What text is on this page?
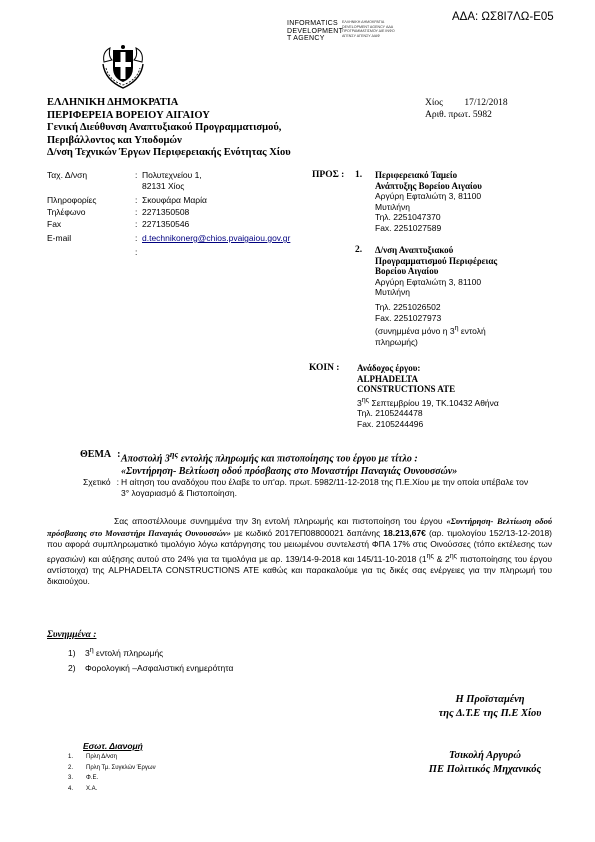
ΑΔΑ: ΩΣ8Ι7ΛΩ-Ε05
INFORMATICS
DEVELOPMENT
T AGENCY
ΕΛΛΗΝΙΚΗ ΔΗΜΟΚΡΑΤΙΑ DEVELOPMENT AGENCY ΑΔΑ ΠΡΟΓΡΑΜΜΑΤΙΣΜΟΥ ΔΙΕ ΙΝΦΟ ΑΓΕΝΣΥ ΑΓΕΝΣΥ ΔΙΑΦ
ΕΛΛΗΝΙΚΗ ΔΗΜΟΚΡΑΤΙΑ
ΠΕΡΙΦΕΡΕΙΑ ΒΟΡΕΙΟΥ ΑΙΓΑΙΟΥ
Γενική Διεύθυνση Αναπτυξιακού Προγραμματισμού,
Περιβάλλοντος και Υποδομών
Δ/νση Τεχνικών Έργων Περιφερειακής Ενότητας Χίου
Χίος 17/12/2018
Αριθ. πρωτ. 5982
Ταχ. Δ/νση	: Πολυτεχνείου 1,
82131 Χίος
Πληροφορίες	: Σκουφάρα Μαρία
Τηλέφωνο	: 2271350508
Fax	: 2271350546
E-mail	: d.technikonerg@chios.pvaigaiou.gov.gr
:
ΠΡΟΣ : 1. Περιφερειακό Ταμείο
Ανάπτυξης Βορείου Αιγαίου
Αργύρη Εφταλιώτη 3, 81100
Μυτιλήνη
Τηλ. 2251047370
Fax. 2251027589
2. Δ/νση Αναπτυξιακού
Προγραμματισμού Περιφέρειας
Βορείου Αιγαίου
Αργύρη Εφταλιώτη 3, 81100
Μυτιλήνη
Τηλ. 2251026502
Fax. 2251027973
(συνημμένα μόνο η $3^\eta$ εντολή
πληρωμής)
ΚΟΙΝ : Ανάδοχος έργου:
ALPHADELTA
CONSTRUCTIONS ATE
$3^{\eta\varsigma}$ Σεπτεμβρίου 19, ΤΚ.10432 Αθήνα
Τηλ. 2105244478
Fax. 2105244496
ΘΕΜΑ : Αποστολή $3^{\eta\varsigma}$ εντολής πληρωμής και πιστοποίησης του έργου με τίτλο :
«Συντήρηση- Βελτίωση οδού πρόσβασης στο Μοναστήρι Παναγιάς Ουνουσσών»
Σχετικό : Η αίτηση του αναδόχου που έλαβε το υπ'αρ. πρωτ. 5982/11-12-2018 της Π.Ε.Χίου με την οποία υπέβαλε τον 3° λογαριασμό & Πιστοποίηση.
Σας αποστέλλουμε συνημμένα την 3η εντολή πληρωμής και πιστοποίηση του έργου «Συντήρηση- Βελτίωση οδού πρόσβασης στο Μοναστήρι Παναγιάς Ουνουσσών» με κωδικό 2017ΕΠ08800021 δαπάνης 18.213,67€ (αρ. τιμολογίου 152/13-12-2018) που αφορά συμπληρωματικό τιμολόγιο λόγω κατάργησης του μειωμένου συντελεστή ΦΠΑ 17% στις Οινούσσες (τόπο εκτέλεσης των εργασιών) και αύξησης αυτού στο 24% για τα τιμολόγια με αρ. 139/14-9-2018 και 145/11-10-2018 ($1^{\eta\varsigma}$ & $2^{\eta\varsigma}$ πιστοποίησης του έργου αντίστοιχα) της ALPHADELTA CONSTRUCTIONS ATE καθώς και παρακαλούμε για τις δικές σας ενέργειες για την πληρωμή του δικαιούχου.
Συνημμένα :
1) $3^\eta$ εντολή πληρωμής
2) Φορολογική –Ασφαλιστική ενημερότητα
Η Προϊσταμένη
της Δ.Τ.Ε της Π.Ε Χίου
Τσικολή Αργυρώ
ΠΕ Πολιτικός Μηχανικός
Εσωτ. Διανομή
1. Πρλη Δ/νση
2. Πρλη Τμ. Συγκλών Έργων
3. Φ.Ε.
4. Χ.Α.
